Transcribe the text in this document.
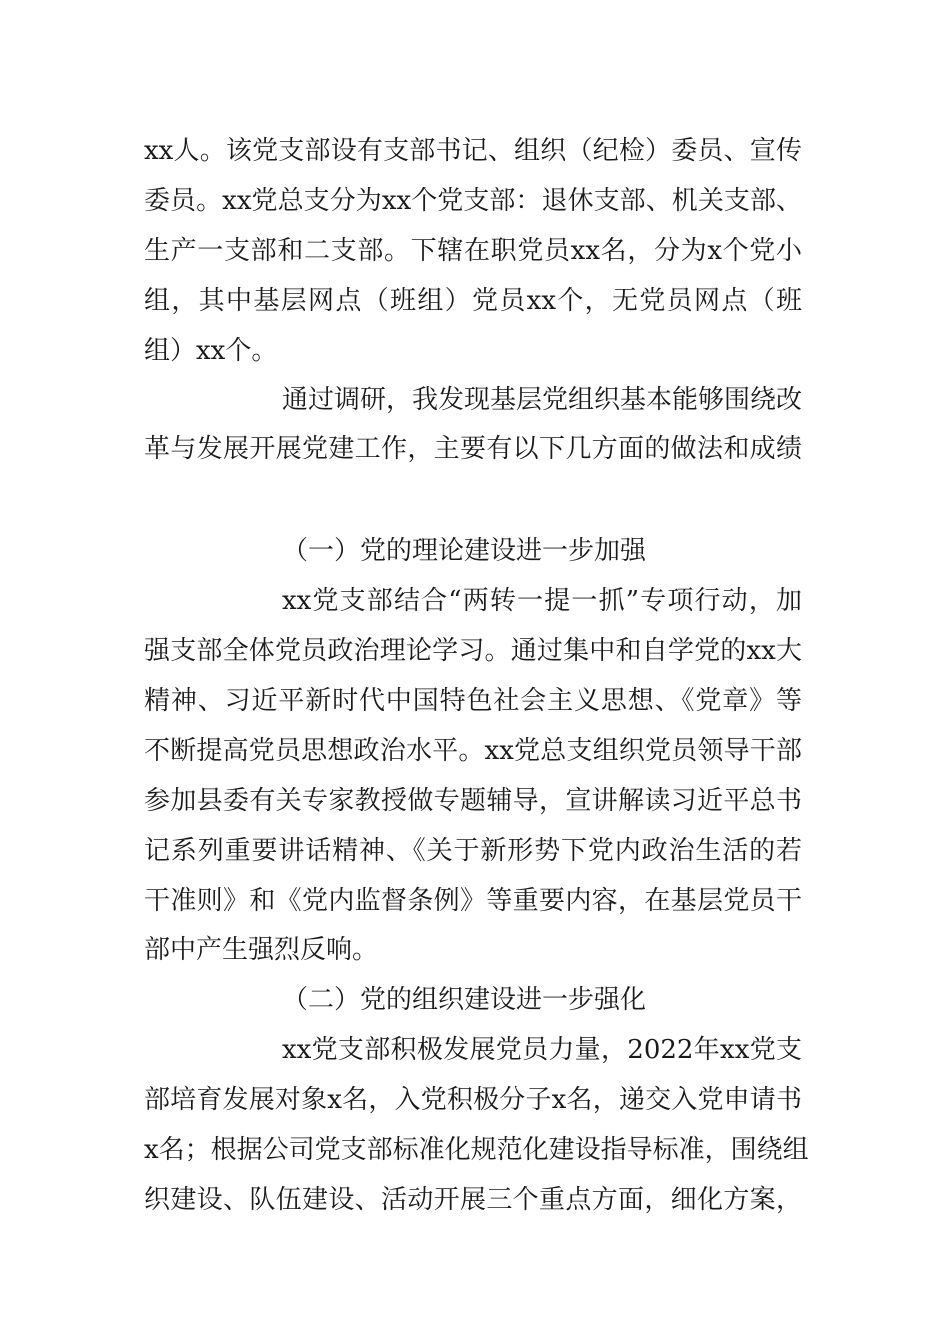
xx人。该党支部设有支部书记、组织（纪检）委员、宣传
委员。xx党总支分为xx个党支部：退休支部、机关支部、
生产一支部和二支部。下辖在职党员xx名，分为x个党小
组，其中基层网点（班组）党员xx个，无党员网点（班
组）xx个。
通过调研，我发现基层党组织基本能够围绕改
革与发展开展党建工作，主要有以下几方面的做法和成绩
（一）党的理论建设进一步加强
xx党支部结合“两转一提一抓”专项行动，加
强支部全体党员政治理论学习。通过集中和自学党的xx大
精神、习近平新时代中国特色社会主义思想、《党章》等
不断提高党员思想政治水平。xx党总支组织党员领导干部
参加县委有关专家教授做专题辅导，宣讲解读习近平总书
记系列重要讲话精神、《关于新形势下党内政治生活的若
干准则》和《党内监督条例》等重要内容，在基层党员干
部中产生强烈反响。
（二）党的组织建设进一步强化
xx党支部积极发展党员力量，2022年xx党支
部培育发展对象x名，入党积极分子x名，递交入党申请书
x名；根据公司党支部标准化规范化建设指导标准，围绕组
织建设、队伍建设、活动开展三个重点方面，细化方案，
